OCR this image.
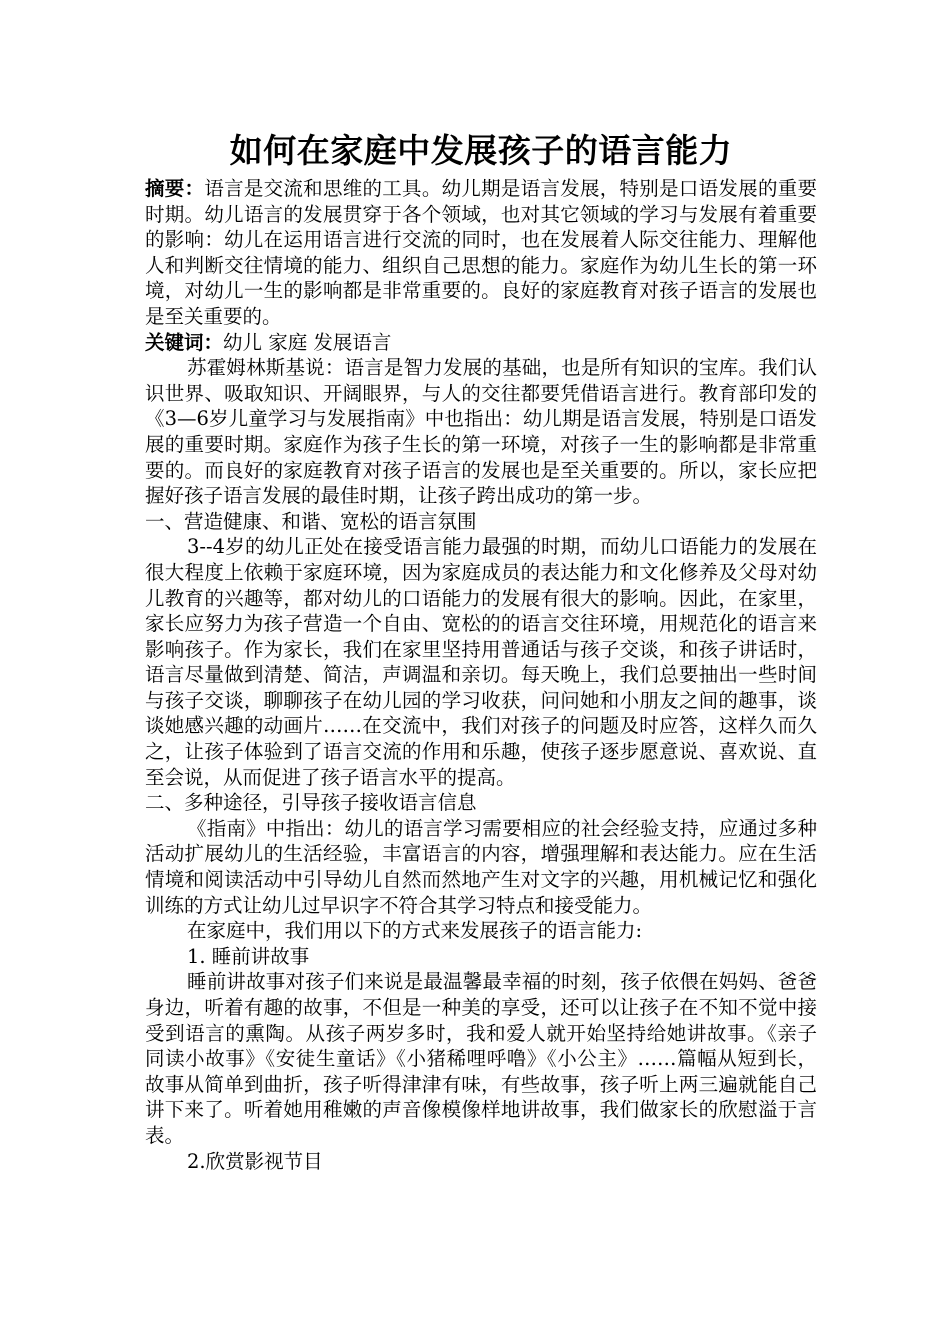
如何在家庭中发展孩子的语言能力

摘要：语言是交流和思维的工具。幼儿期是语言发展，特别是口语发展的重要时期。幼儿语言的发展贯穿于各个领域，也对其它领域的学习与发展有着重要的影响：幼儿在运用语言进行交流的同时，也在发展着人际交往能力、理解他人和判断交往情境的能力、组织自己思想的能力。家庭作为幼儿生长的第一环境，对幼儿一生的影响都是非常重要的。良好的家庭教育对孩子语言的发展也是至关重要的。

关键词：幼儿 家庭 发展语言

苏霍姆林斯基说：语言是智力发展的基础，也是所有知识的宝库。我们认识世界、吸取知识、开阔眼界，与人的交往都要凭借语言进行。教育部印发的《3—6岁儿童学习与发展指南》中也指出：幼儿期是语言发展，特别是口语发展的重要时期。家庭作为孩子生长的第一环境，对孩子一生的影响都是非常重要的。而良好的家庭教育对孩子语言的发展也是至关重要的。所以，家长应把握好孩子语言发展的最佳时期，让孩子跨出成功的第一步。

一、营造健康、和谐、宽松的语言氛围

3--4岁的幼儿正处在接受语言能力最强的时期，而幼儿口语能力的发展在很大程度上依赖于家庭环境，因为家庭成员的表达能力和文化修养及父母对幼儿教育的兴趣等，都对幼儿的口语能力的发展有很大的影响。因此，在家里，家长应努力为孩子营造一个自由、宽松的的语言交往环境，用规范化的语言来影响孩子。作为家长，我们在家里坚持用普通话与孩子交谈，和孩子讲话时，语言尽量做到清楚、简洁，声调温和亲切。每天晚上，我们总要抽出一些时间与孩子交谈，聊聊孩子在幼儿园的学习收获，问问她和小朋友之间的趣事，谈谈她感兴趣的动画片……在交流中，我们对孩子的问题及时应答，这样久而久之，让孩子体验到了语言交流的作用和乐趣，使孩子逐步愿意说、喜欢说、直至会说，从而促进了孩子语言水平的提高。

二、多种途径，引导孩子接收语言信息

《指南》中指出：幼儿的语言学习需要相应的社会经验支持，应通过多种活动扩展幼儿的生活经验，丰富语言的内容，增强理解和表达能力。应在生活情境和阅读活动中引导幼儿自然而然地产生对文字的兴趣，用机械记忆和强化训练的方式让幼儿过早识字不符合其学习特点和接受能力。

在家庭中，我们用以下的方式来发展孩子的语言能力:

1. 睡前讲故事

睡前讲故事对孩子们来说是最温馨最幸福的时刻，孩子依偎在妈妈、爸爸身边，听着有趣的故事，不但是一种美的享受，还可以让孩子在不知不觉中接受到语言的熏陶。从孩子两岁多时，我和爱人就开始坚持给她讲故事。《亲子同读小故事》《安徒生童话》《小猪稀哩呼噜》《小公主》……篇幅从短到长，故事从简单到曲折，孩子听得津津有味，有些故事，孩子听上两三遍就能自己讲下来了。听着她用稚嫩的声音像模像样地讲故事，我们做家长的欣慰溢于言表。

2.欣赏影视节目
